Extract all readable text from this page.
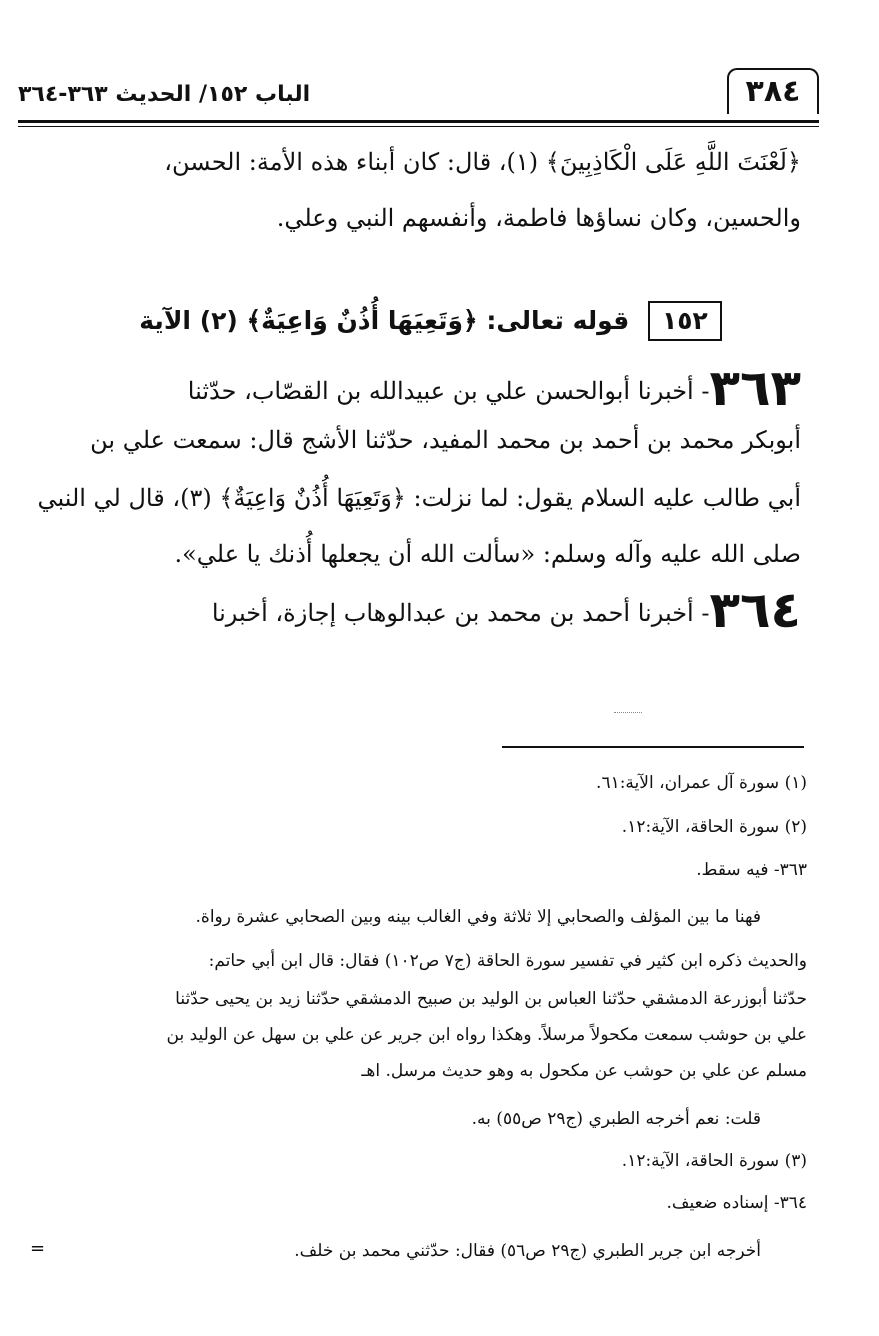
٣٨٤
الباب ١٥٢/ الحديث ٣٦٣-٣٦٤
﴿لَعْنَتَ اللَّهِ عَلَى الْكَاذِبِينَ﴾ (١)، قال: كان أبناء هذه الأمة: الحسن،
والحسين، وكان نساؤها فاطمة، وأنفسهم النبي وعلي.
١٥٢ قوله تعالى: ﴿وَتَعِيَهَا أُذُنٌ وَاعِيَةٌ﴾ (٢) الآية
٣٦٣- أخبرنا أبوالحسن علي بن عبيدالله بن القصّاب، حدّثنا
أبوبكر محمد بن أحمد بن محمد المفيد، حدّثنا الأشج قال: سمعت علي بن
أبي طالب عليه السلام يقول: لما نزلت: ﴿وَتَعِيَهَا أُذُنٌ وَاعِيَةٌ﴾ (٣)، قال لي النبي
صلى الله عليه وآله وسلم: «سألت الله أن يجعلها أُذنك يا علي».
٣٦٤- أخبرنا أحمد بن محمد بن عبدالوهاب إجازة، أخبرنا
(١) سورة آل عمران، الآية:٦١.
(٢) سورة الحاقة، الآية:١٢.
٣٦٣- فيه سقط.
فهنا ما بين المؤلف والصحابي إلا ثلاثة وفي الغالب بينه وبين الصحابي عشرة رواة.
والحديث ذكره ابن كثير في تفسير سورة الحاقة (ج٧ ص١٠٢) فقال: قال ابن أبي حاتم:
حدّثنا أبوزرعة الدمشقي حدّثنا العباس بن الوليد بن صبيح الدمشقي حدّثنا زيد بن يحيى حدّثنا
علي بن حوشب سمعت مكحولاً مرسلاً. وهكذا رواه ابن جرير عن علي بن سهل عن الوليد بن
مسلم عن علي بن حوشب عن مكحول به وهو حديث مرسل. اهـ
قلت: نعم أخرجه الطبري (ج٢٩ ص٥٥) به.
(٣) سورة الحاقة، الآية:١٢.
٣٦٤- إسناده ضعيف.
أخرجه ابن جرير الطبري (ج٢٩ ص٥٦) فقال: حدّثني محمد بن خلف.
=
